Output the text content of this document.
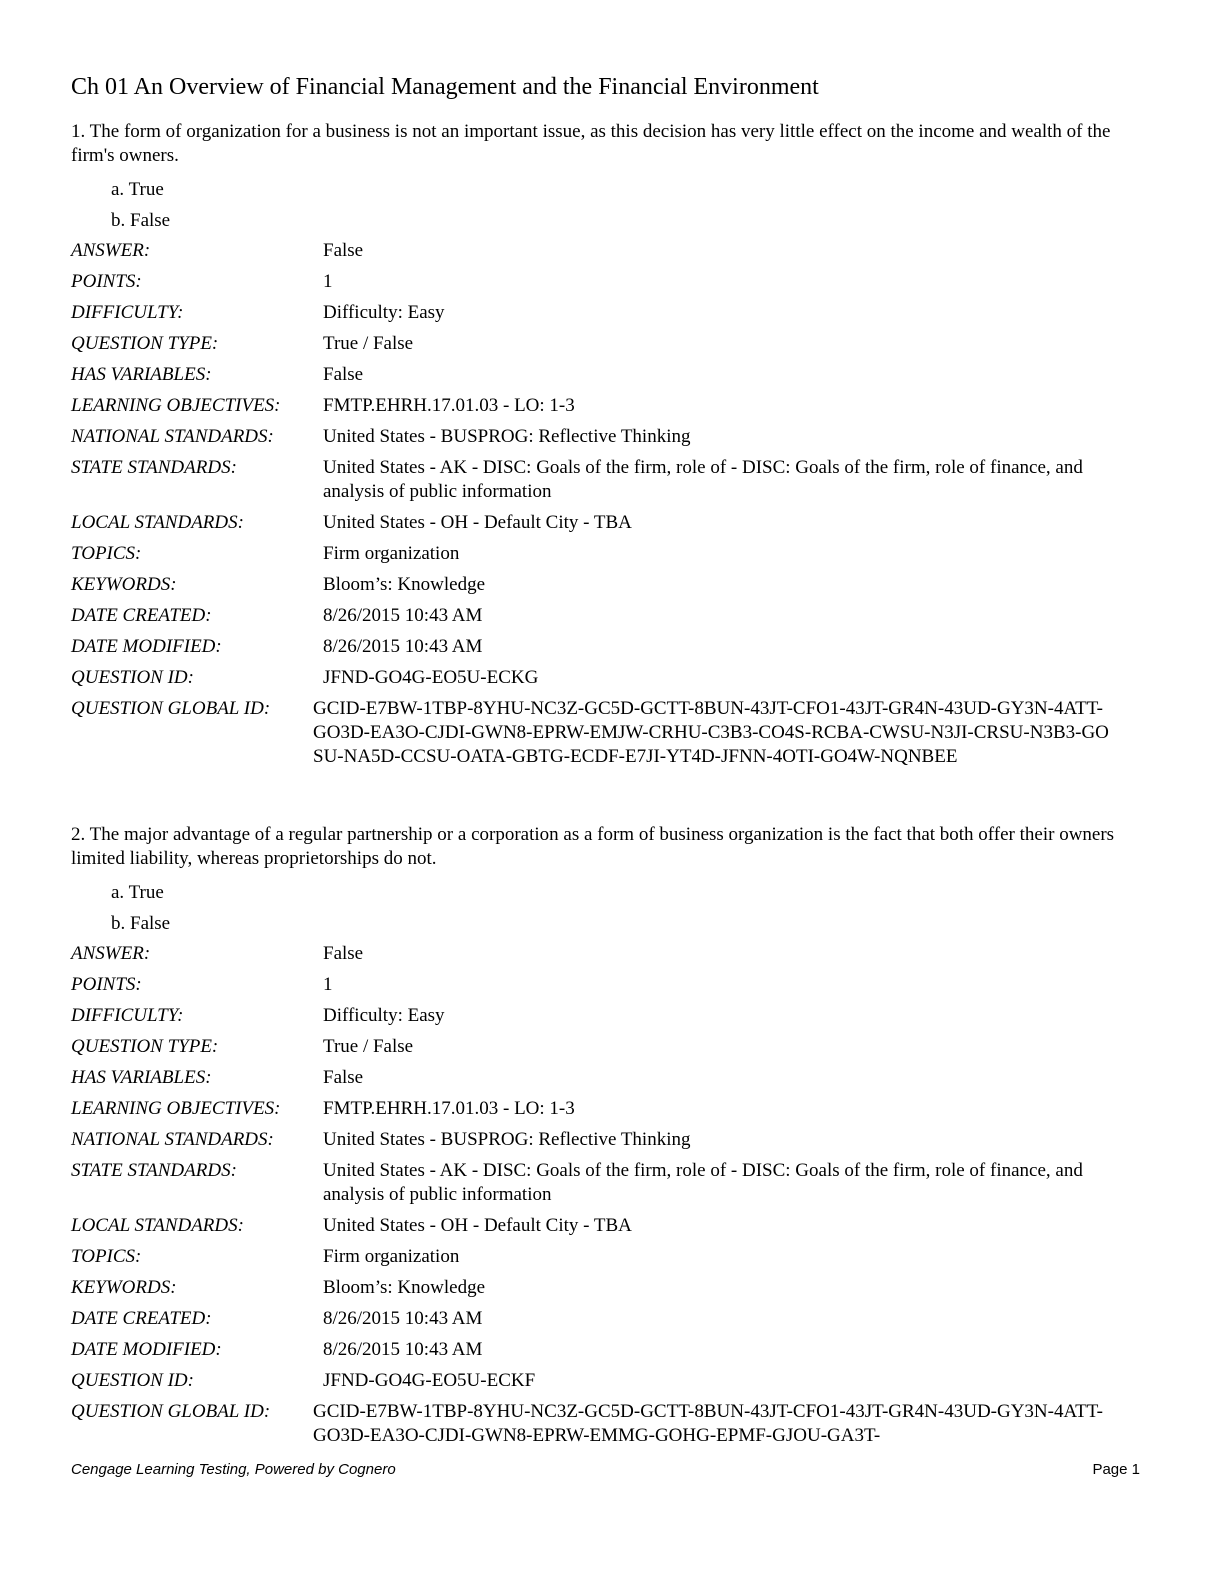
Ch 01 An Overview of Financial Management and the Financial Environment

1. The form of organization for a business is not an important issue, as this decision has very little effect on the income and wealth of the firm's owners.

a. True
b. False
ANSWER:	False
POINTS:	1
DIFFICULTY:	Difficulty: Easy
QUESTION TYPE:	True / False
HAS VARIABLES:	False
LEARNING OBJECTIVES:	FMTP.EHRH.17.01.03 - LO: 1-3
NATIONAL STANDARDS:	United States - BUSPROG: Reflective Thinking
STATE STANDARDS:	United States - AK - DISC: Goals of the firm, role of - DISC: Goals of the firm, role of finance, and analysis of public information
LOCAL STANDARDS:	United States - OH - Default City - TBA
TOPICS:	Firm organization
KEYWORDS:	Bloom’s: Knowledge
DATE CREATED:	8/26/2015 10:43 AM
DATE MODIFIED:	8/26/2015 10:43 AM
QUESTION ID:	JFND-GO4G-EO5U-ECKG
QUESTION GLOBAL ID:	GCID-E7BW-1TBP-8YHU-NC3Z-GC5D-GCTT-8BUN-43JT-CFO1-43JT-GR4N-43UD-GY3N-4ATT-GO3D-EA3O-CJDI-GWN8-EPRW-EMJW-CRHU-C3B3-CO4S-RCBA-CWSU-N3JI-CRSU-N3B3-GOSU-NA5D-CCSU-OATA-GBTG-ECDF-E7JI-YT4D-JFNN-4OTI-GO4W-NQNBEE

2. The major advantage of a regular partnership or a corporation as a form of business organization is the fact that both offer their owners limited liability, whereas proprietorships do not.

a. True
b. False
ANSWER:	False
POINTS:	1
DIFFICULTY:	Difficulty: Easy
QUESTION TYPE:	True / False
HAS VARIABLES:	False
LEARNING OBJECTIVES:	FMTP.EHRH.17.01.03 - LO: 1-3
NATIONAL STANDARDS:	United States - BUSPROG: Reflective Thinking
STATE STANDARDS:	United States - AK - DISC: Goals of the firm, role of - DISC: Goals of the firm, role of finance, and analysis of public information
LOCAL STANDARDS:	United States - OH - Default City - TBA
TOPICS:	Firm organization
KEYWORDS:	Bloom’s: Knowledge
DATE CREATED:	8/26/2015 10:43 AM
DATE MODIFIED:	8/26/2015 10:43 AM
QUESTION ID:	JFND-GO4G-EO5U-ECKF
QUESTION GLOBAL ID:	GCID-E7BW-1TBP-8YHU-NC3Z-GC5D-GCTT-8BUN-43JT-CFO1-43JT-GR4N-43UD-GY3N-4ATT-GO3D-EA3O-CJDI-GWN8-EPRW-EMMG-GOHG-EPMF-GJOU-GA3T-
Cengage Learning Testing, Powered by Cognero	Page 1
